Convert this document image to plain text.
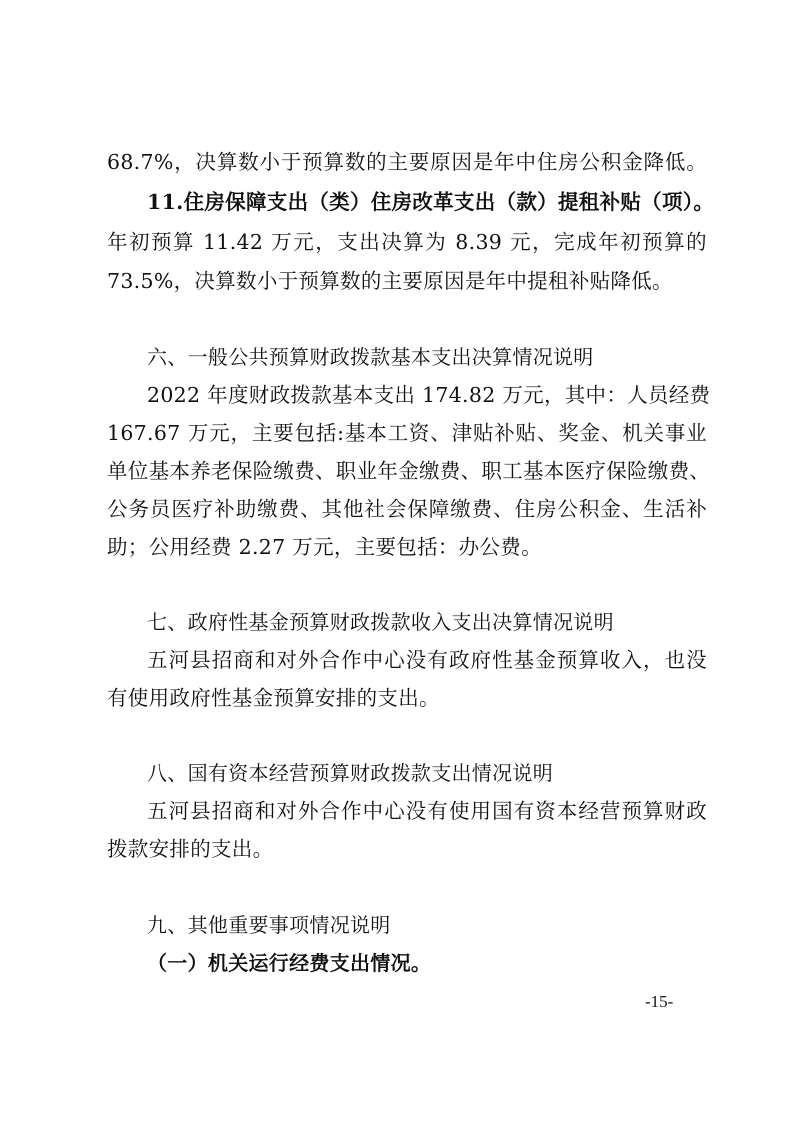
68.7%，决算数小于预算数的主要原因是年中住房公积金降低。
11.住房保障支出（类）住房改革支出（款）提租补贴（项）。
年初预算 11.42 万元，支出决算为 8.39 元，完成年初预算的
73.5%，决算数小于预算数的主要原因是年中提租补贴降低。
六、一般公共预算财政拨款基本支出决算情况说明
2022 年度财政拨款基本支出 174.82 万元，其中：人员经费
167.67 万元，主要包括:基本工资、津贴补贴、奖金、机关事业
单位基本养老保险缴费、职业年金缴费、职工基本医疗保险缴费、
公务员医疗补助缴费、其他社会保障缴费、住房公积金、生活补
助；公用经费 2.27 万元，主要包括：办公费。
七、政府性基金预算财政拨款收入支出决算情况说明
五河县招商和对外合作中心没有政府性基金预算收入，也没
有使用政府性基金预算安排的支出。
八、国有资本经营预算财政拨款支出情况说明
五河县招商和对外合作中心没有使用国有资本经营预算财政
拨款安排的支出。
九、其他重要事项情况说明
（一）机关运行经费支出情况。
-15-
